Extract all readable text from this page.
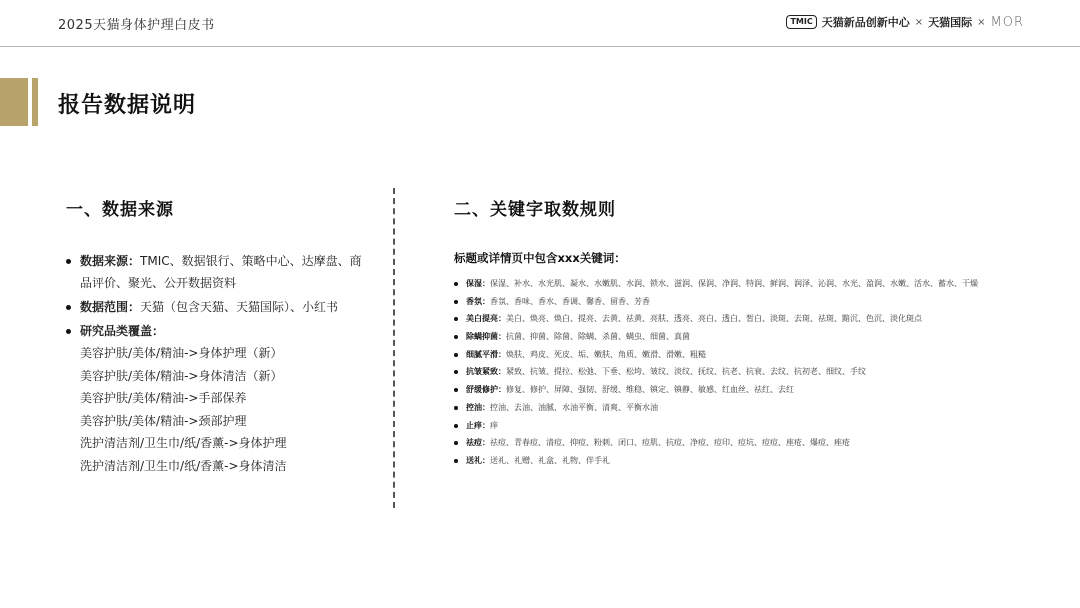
2025天猫身体护理白皮书	TMIC 天猫新品创新中心 × 天猫国际 × MOR
报告数据说明
一、数据来源
数据来源：TMIC、数据银行、策略中心、达摩盘、商品评价、聚光、公开数据资料
数据范围：天猫（包含天猫、天猫国际）、小红书
研究品类覆盖：
美容护肤/美体/精油->身体护理（新）
美容护肤/美体/精油->身体清洁（新）
美容护肤/美体/精油->手部保养
美容护肤/美体/精油->颈部护理
洗护清洁剂/卫生巾/纸/香薰->身体护理
洗护清洁剂/卫生巾/纸/香薰->身体清洁
二、关键字取数规则
标题或详情页中包含xxx关键词：
保湿：保湿、补水、水光肌、凝水、水嫩肌、水润、锁水、滋润、保润、净润、特润、鲜润、润泽、沁润、水光、盈润、水嫩、活水、蓄水、干燥
香氛：香氛、香味、香水、香调、馨香、留香、芳香
美白提亮：美白、焕亮、焕白、提亮、去黄、祛黄、亮肤、透亮、亮白、透白、皙白、淡斑、去斑、祛斑、黯沉、色沉、淡化斑点
除螨抑菌：抗菌、抑菌、除菌、除螨、杀菌、螨虫、细菌、真菌
细腻平滑：焕肤、鸡皮、死皮、垢、嫩肤、角质、嫩滑、滑嫩、粗糙
抗皱紧致：紧致、抗皱、提拉、松弛、下垂、松垮、皱纹、淡纹、抚纹、抗老、抗衰、去纹、抗初老、细纹、手纹
舒缓修护：修复、修护、屏障、强韧、舒缓、维稳、镇定、镇静、敏感、红血丝、祛红、去红
控油：控油、去油、油腻、水油平衡、清爽、平衡水油
止痒：痒
祛痘：祛痘、青春痘、清痘、抑痘、粉刺、闭口、痘肌、抗痘、净痘、痘印、痘坑、痘痘、座疮、爆痘、痤疮
送礼：送礼、礼赠、礼盒、礼物、伴手礼
